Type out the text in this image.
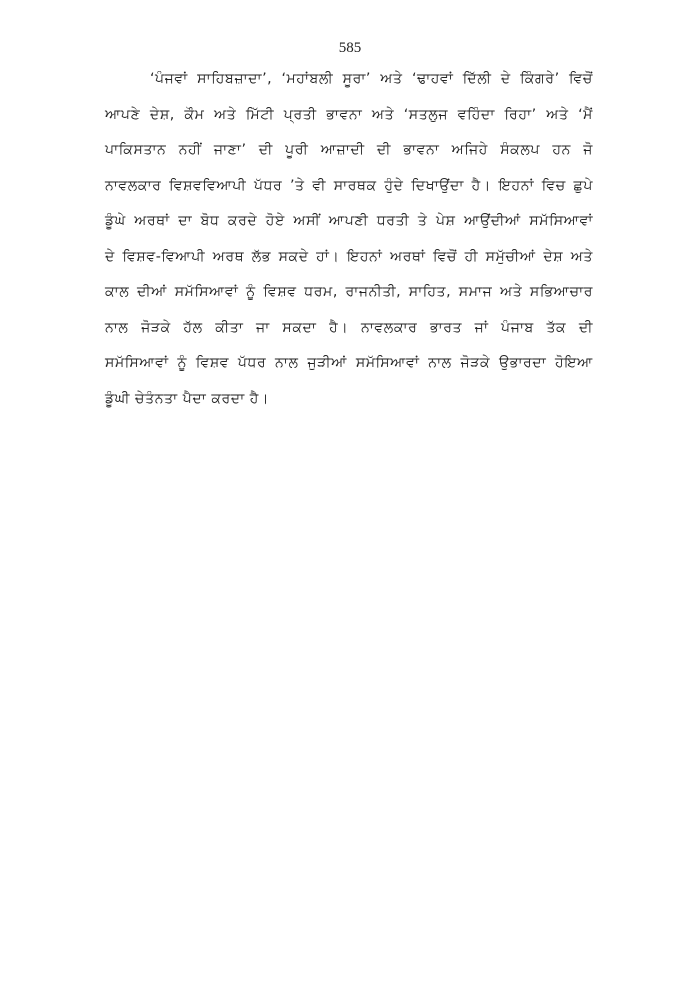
585
‘ਪੰਜਵਾਂ ਸਾਹਿਬਜ਼ਾਦਾ’, ‘ਮਹਾਂਬਲੀ ਸੂਰਾ’ ਅਤੇ ‘ਢਾਹਵਾਂ ਦਿੱਲੀ ਦੇ ਕਿੰਗਰੇ’ ਵਿਚੋਂ
ਆਪਣੇ ਦੇਸ਼, ਕੌਮ ਅਤੇ ਮਿੱਟੀ ਪ੍ਰਤੀ ਭਾਵਨਾ ਅਤੇ ‘ਸਤਲੁਜ ਵਹਿੰਦਾ ਰਿਹਾ’ ਅਤੇ ‘ਮੈਂ
ਪਾਕਿਸਤਾਨ ਨਹੀਂ ਜਾਣਾ’ ਦੀ ਪੂਰੀ ਆਜ਼ਾਦੀ ਦੀ ਭਾਵਨਾ ਅਜਿਹੇ ਸੰਕਲਪ ਹਨ ਜੋ
ਨਾਵਲਕਾਰ ਵਿਸ਼ਵਵਿਆਪੀ ਪੱਧਰ ’ਤੇ ਵੀ ਸਾਰਥਕ ਹੁੰਦੇ ਦਿਖਾਉਂਦਾ ਹੈ। ਇਹਨਾਂ ਵਿਚ ਛੁਪੇ
ਡੂੰਘੇ ਅਰਥਾਂ ਦਾ ਬੋਧ ਕਰਦੇ ਹੋਏ ਅਸੀਂ ਆਪਣੀ ਧਰਤੀ ਤੇ ਪੇਸ਼ ਆਉਂਦੀਆਂ ਸਮੱਸਿਆਵਾਂ
ਦੇ ਵਿਸ਼ਵ-ਵਿਆਪੀ ਅਰਥ ਲੱਭ ਸਕਦੇ ਹਾਂ। ਇਹਨਾਂ ਅਰਥਾਂ ਵਿਚੋਂ ਹੀ ਸਮੁੱਚੀਆਂ ਦੇਸ਼ ਅਤੇ
ਕਾਲ ਦੀਆਂ ਸਮੱਸਿਆਵਾਂ ਨੂੰ ਵਿਸ਼ਵ ਧਰਮ, ਰਾਜਨੀਤੀ, ਸਾਹਿਤ, ਸਮਾਜ ਅਤੇ ਸਭਿਆਚਾਰ
ਨਾਲ ਜੋੜਕੇ ਹੱਲ ਕੀਤਾ ਜਾ ਸਕਦਾ ਹੈ। ਨਾਵਲਕਾਰ ਭਾਰਤ ਜਾਂ ਪੰਜਾਬ ਤੱਕ ਦੀ
ਸਮੱਸਿਆਵਾਂ ਨੂੰ ਵਿਸ਼ਵ ਪੱਧਰ ਨਾਲ ਜੁੜੀਆਂ ਸਮੱਸਿਆਵਾਂ ਨਾਲ ਜੋੜਕੇ ਉਭਾਰਦਾ ਹੋਇਆ
ਡੂੰਘੀ ਚੇਤੰਨਤਾ ਪੈਦਾ ਕਰਦਾ ਹੈ।
